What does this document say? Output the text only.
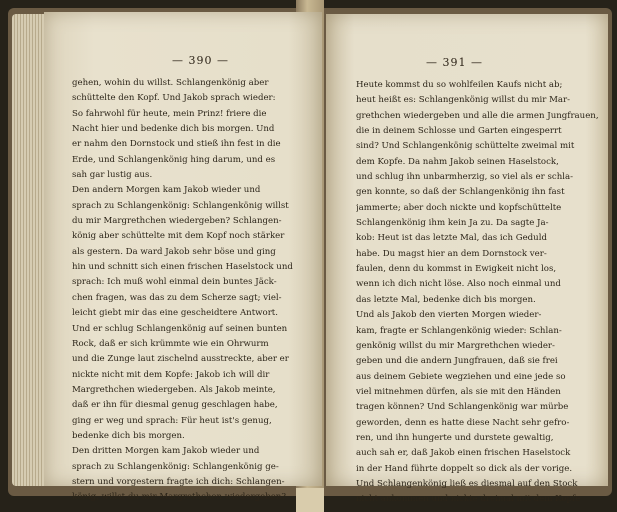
— 390 —
gehen, wohin du willst. Schlangenkönig aber
schüttelte den Kopf. Und Jakob sprach wieder:
So fahrwohl für heute, mein Prinz! friere die
Nacht hier und bedenke dich bis morgen. Und
er nahm den Dornstock und stieß ihn fest in die
Erde, und Schlangenkönig hing darum, und es
sah gar lustig aus.
Den andern Morgen kam Jakob wieder und
sprach zu Schlangenkönig: Schlangenkönig willst
du mir Margrethchen wiedergeben? Schlangen-
könig aber schüttelte mit dem Kopf noch stärker
als gestern. Da ward Jakob sehr böse und ging
hin und schnitt sich einen frischen Haselstock und
sprach: Ich muß wohl einmal dein buntes Jäck-
chen fragen, was das zu dem Scherze sagt; viel-
leicht giebt mir das eine gescheidtere Antwort.
Und er schlug Schlangenkönig auf seinen bunten
Rock, daß er sich krümmte wie ein Ohrwurm
und die Zunge laut zischelnd ausstreckte, aber er
nickte nicht mit dem Kopfe: Jakob ich will dir
Margrethchen wiedergeben. Als Jakob meinte,
daß er ihn für diesmal genug geschlagen habe,
ging er weg und sprach: Für heut ist's genug,
bedenke dich bis morgen.
Den dritten Morgen kam Jakob wieder und
sprach zu Schlangenkönig: Schlangenkönig ge-
stern und vorgestern fragte ich dich: Schlangen-
könig, willst du mir Margrethchen wiedergeben?
— 391 —
Heute kommst du so wohlfeilen Kaufs nicht ab;
heut heißt es: Schlangenkönig willst du mir Mar-
grethchen wiedergeben und alle die armen Jungfrauen,
die in deinem Schlosse und Garten eingesperrt
sind? Und Schlangenkönig schüttelte zweimal mit
dem Kopfe. Da nahm Jakob seinen Haselstock,
und schlug ihn unbarmherzig, so viel als er schla-
gen konnte, so daß der Schlangenkönig ihn fast
jammerte; aber doch nickte und kopfschüttelte
Schlangenkönig ihm kein Ja zu. Da sagte Ja-
kob: Heut ist das letzte Mal, das ich Geduld
habe. Du magst hier an dem Dornstock ver-
faulen, denn du kommst in Ewigkeit nicht los,
wenn ich dich nicht löse. Also noch einmal und
das letzte Mal, bedenke dich bis morgen.
Und als Jakob den vierten Morgen wieder-
kam, fragte er Schlangenkönig wieder: Schlan-
genkönig willst du mir Margrethchen wieder-
geben und die andern Jungfrauen, daß sie frei
aus deinem Gebiete wegziehen und eine jede so
viel mitnehmen dürfen, als sie mit den Händen
tragen können? Und Schlangenkönig war mürbe
geworden, denn es hatte diese Nacht sehr gefro-
ren, und ihn hungerte und durstete gewaltig,
auch sah er, daß Jakob einen frischen Haselstock
in der Hand führte doppelt so dick als der vorige.
Und Schlangenkönig ließ es diesmal auf den Stock
nicht ankommen und nickte dreimal mit dem Kopfe
